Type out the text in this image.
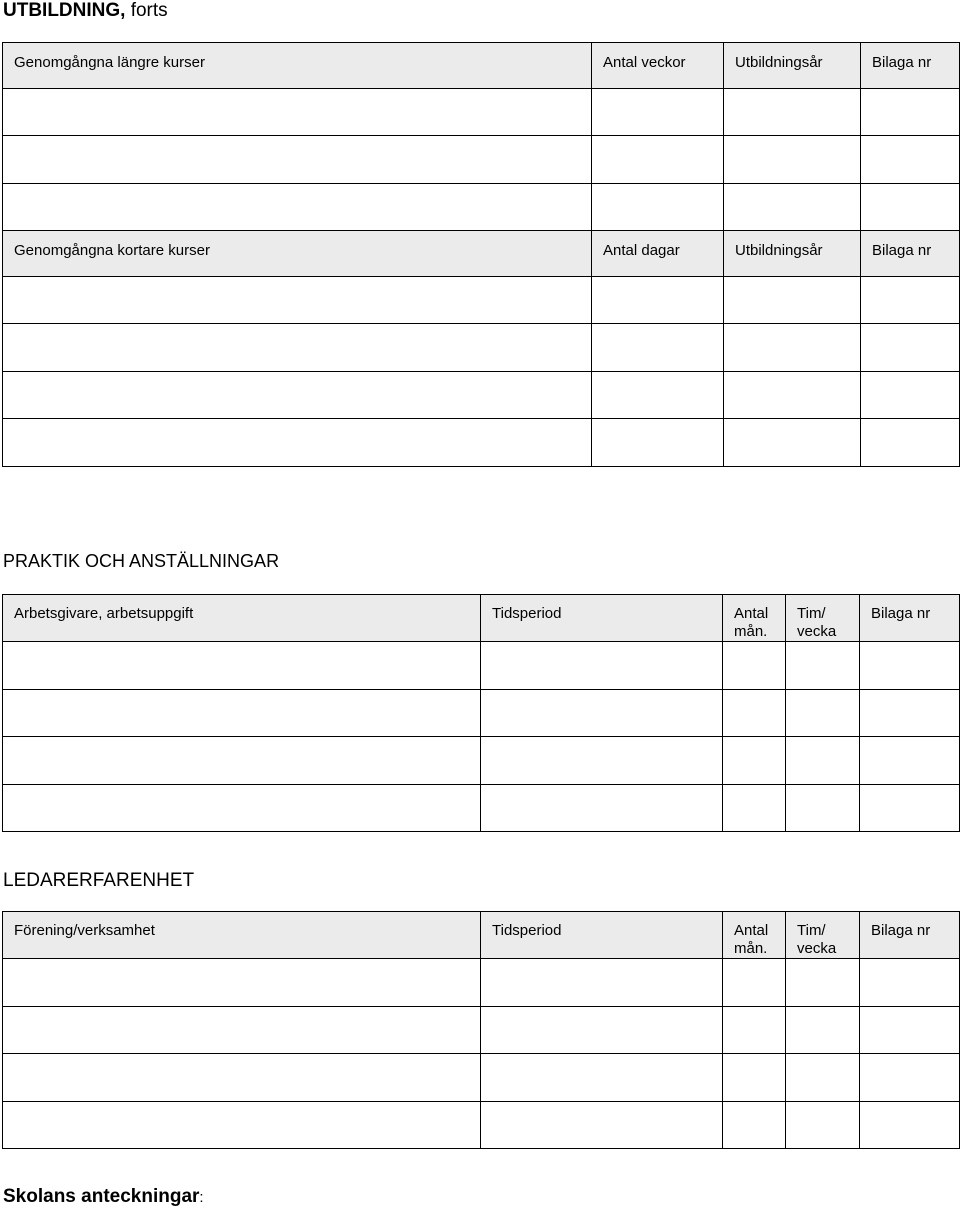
UTBILDNING, forts
Genomgångna längre kurser	Antal veckor	Utbildningsår	Bilaga nr

Genomgångna kortare kurser	Antal dagar	Utbildningsår	Bilaga nr

PRAKTIK OCH ANSTÄLLNINGAR
Arbetsgivare, arbetsuppgift	Tidsperiod	Antal mån.	Tim/ vecka	Bilaga nr

LEDARERFARENHET
Förening/verksamhet	Tidsperiod	Antal mån.	Tim/ vecka	Bilaga nr

Skolans anteckningar:
